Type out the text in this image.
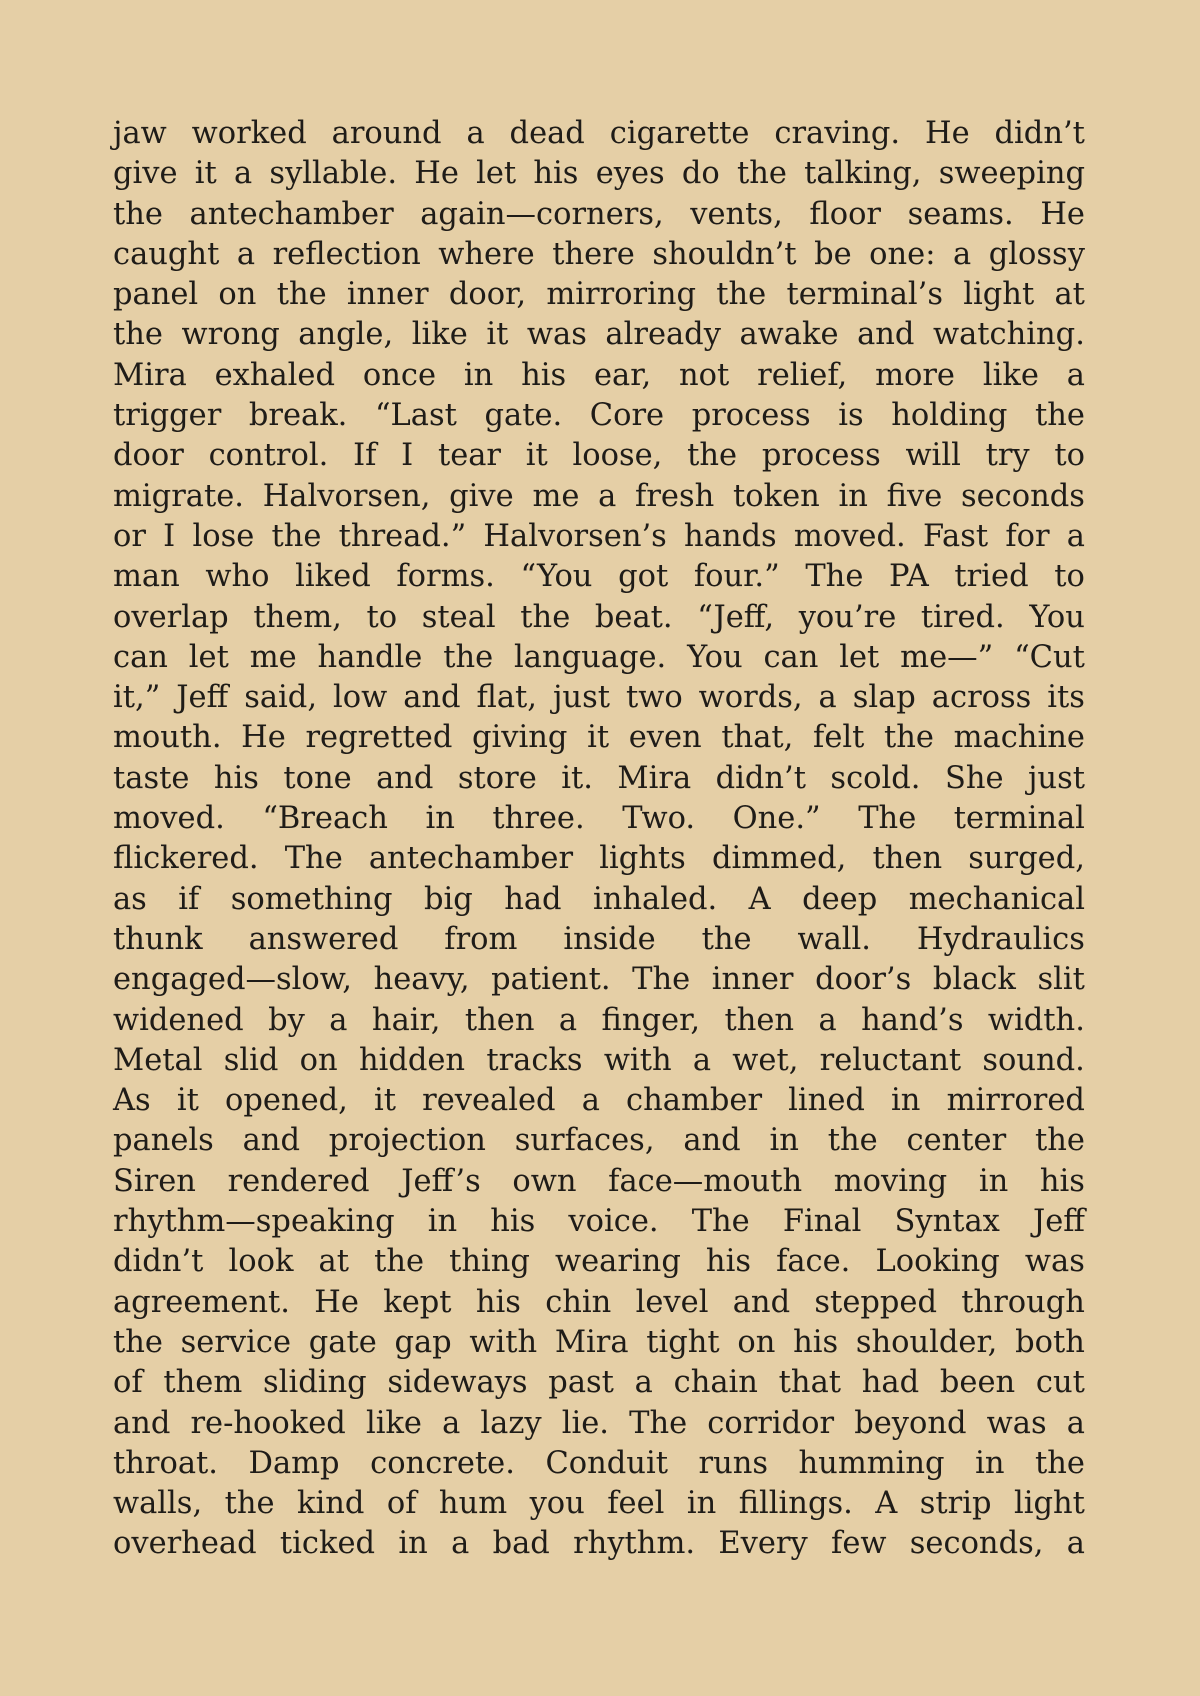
jaw worked around a dead cigarette craving. He didn’t
give it a syllable. He let his eyes do the talking, sweeping
the antechamber again—corners, vents, floor seams. He
caught a reflection where there shouldn’t be one: a glossy
panel on the inner door, mirroring the terminal’s light at
the wrong angle, like it was already awake and watching.
Mira exhaled once in his ear, not relief, more like a
trigger break. “Last gate. Core process is holding the
door control. If I tear it loose, the process will try to
migrate. Halvorsen, give me a fresh token in five seconds
or I lose the thread.” Halvorsen’s hands moved. Fast for a
man who liked forms. “You got four.” The PA tried to
overlap them, to steal the beat. “Jeff, you’re tired. You
can let me handle the language. You can let me—” “Cut
it,” Jeff said, low and flat, just two words, a slap across its
mouth. He regretted giving it even that, felt the machine
taste his tone and store it. Mira didn’t scold. She just
moved. “Breach in three. Two. One.” The terminal
flickered. The antechamber lights dimmed, then surged,
as if something big had inhaled. A deep mechanical
thunk answered from inside the wall. Hydraulics
engaged—slow, heavy, patient. The inner door’s black slit
widened by a hair, then a finger, then a hand’s width.
Metal slid on hidden tracks with a wet, reluctant sound.
As it opened, it revealed a chamber lined in mirrored
panels and projection surfaces, and in the center the
Siren rendered Jeff’s own face—mouth moving in his
rhythm—speaking in his voice. The Final Syntax Jeff
didn’t look at the thing wearing his face. Looking was
agreement. He kept his chin level and stepped through
the service gate gap with Mira tight on his shoulder, both
of them sliding sideways past a chain that had been cut
and re-hooked like a lazy lie. The corridor beyond was a
throat. Damp concrete. Conduit runs humming in the
walls, the kind of hum you feel in fillings. A strip light
overhead ticked in a bad rhythm. Every few seconds, a
